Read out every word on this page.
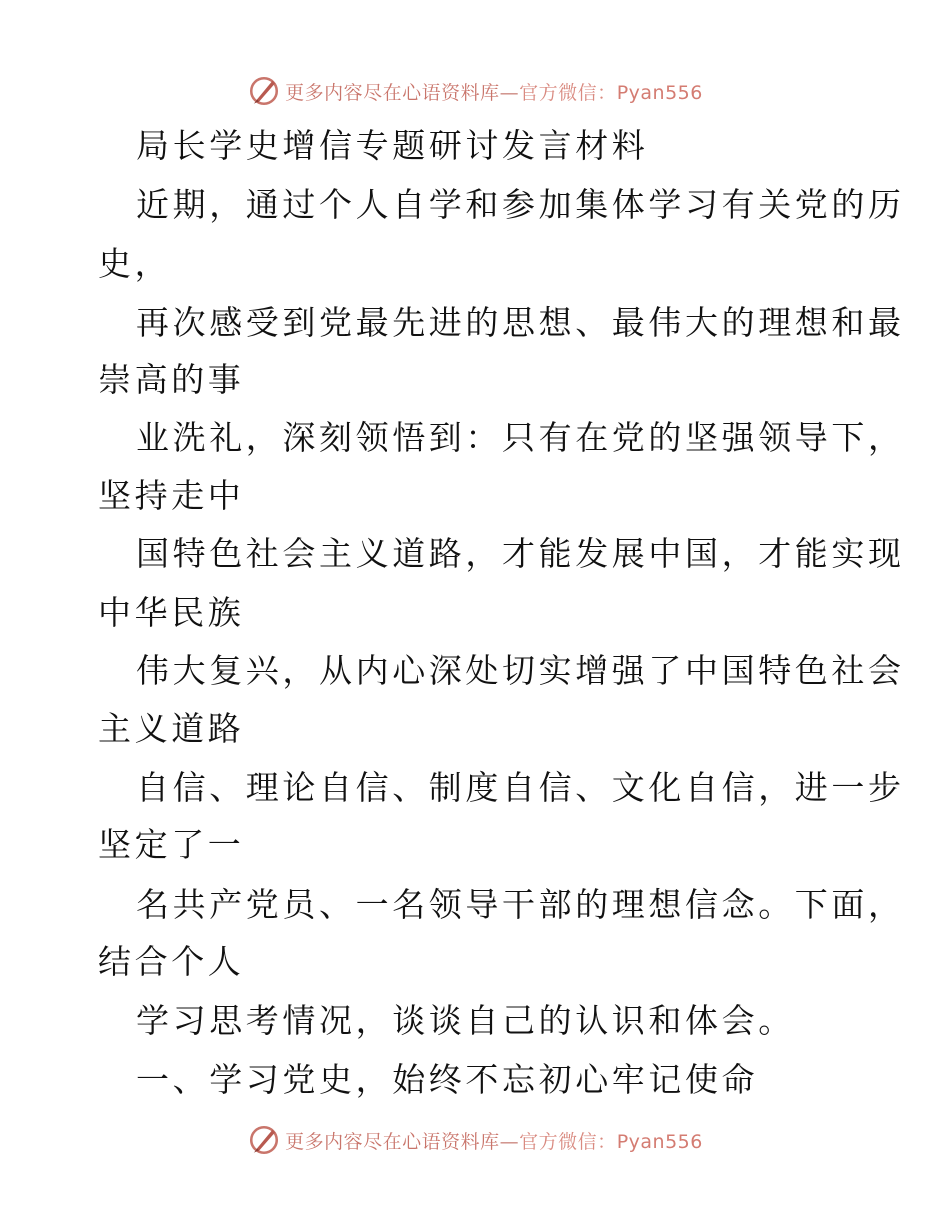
更多内容尽在心语资料库—官方微信：Pyan556
局长学史增信专题研讨发言材料
近期，通过个人自学和参加集体学习有关党的历
史，
再次感受到党最先进的思想、最伟大的理想和最
崇高的事
业洗礼，深刻领悟到：只有在党的坚强领导下，
坚持走中
国特色社会主义道路，才能发展中国，才能实现
中华民族
伟大复兴，从内心深处切实增强了中国特色社会
主义道路
自信、理论自信、制度自信、文化自信，进一步
坚定了一
名共产党员、一名领导干部的理想信念。下面，
结合个人
学习思考情况，谈谈自己的认识和体会。
一、学习党史，始终不忘初心牢记使命
更多内容尽在心语资料库—官方微信：Pyan556
